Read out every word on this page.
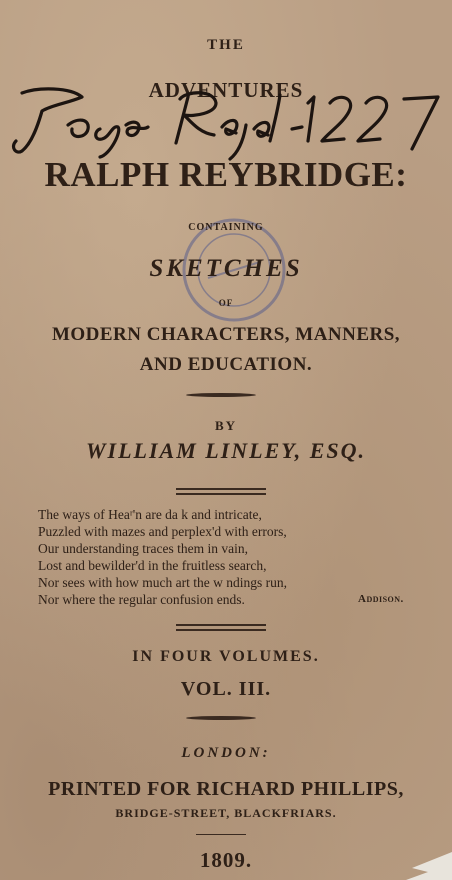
THE
ADVENTURES
RALPH REYBRIDGE:
CONTAINING
SKETCHES
OF
MODERN CHARACTERS, MANNERS,
AND EDUCATION.
BY
WILLIAM LINLEY, ESQ.
The ways of Heaʳ'n are da k and intricate,
Puzzled with mazes and perplex'd with errors,
Our understanding traces them in vain,
Lost and bewilder'd in the fruitless search,
Nor sees with how much art the w ndings run,
Nor where the regular confusion ends.	Addison.
IN FOUR VOLUMES.
VOL. III.
LONDON:
PRINTED FOR RICHARD PHILLIPS,
BRIDGE-STREET, BLACKFRIARS.
1809.
